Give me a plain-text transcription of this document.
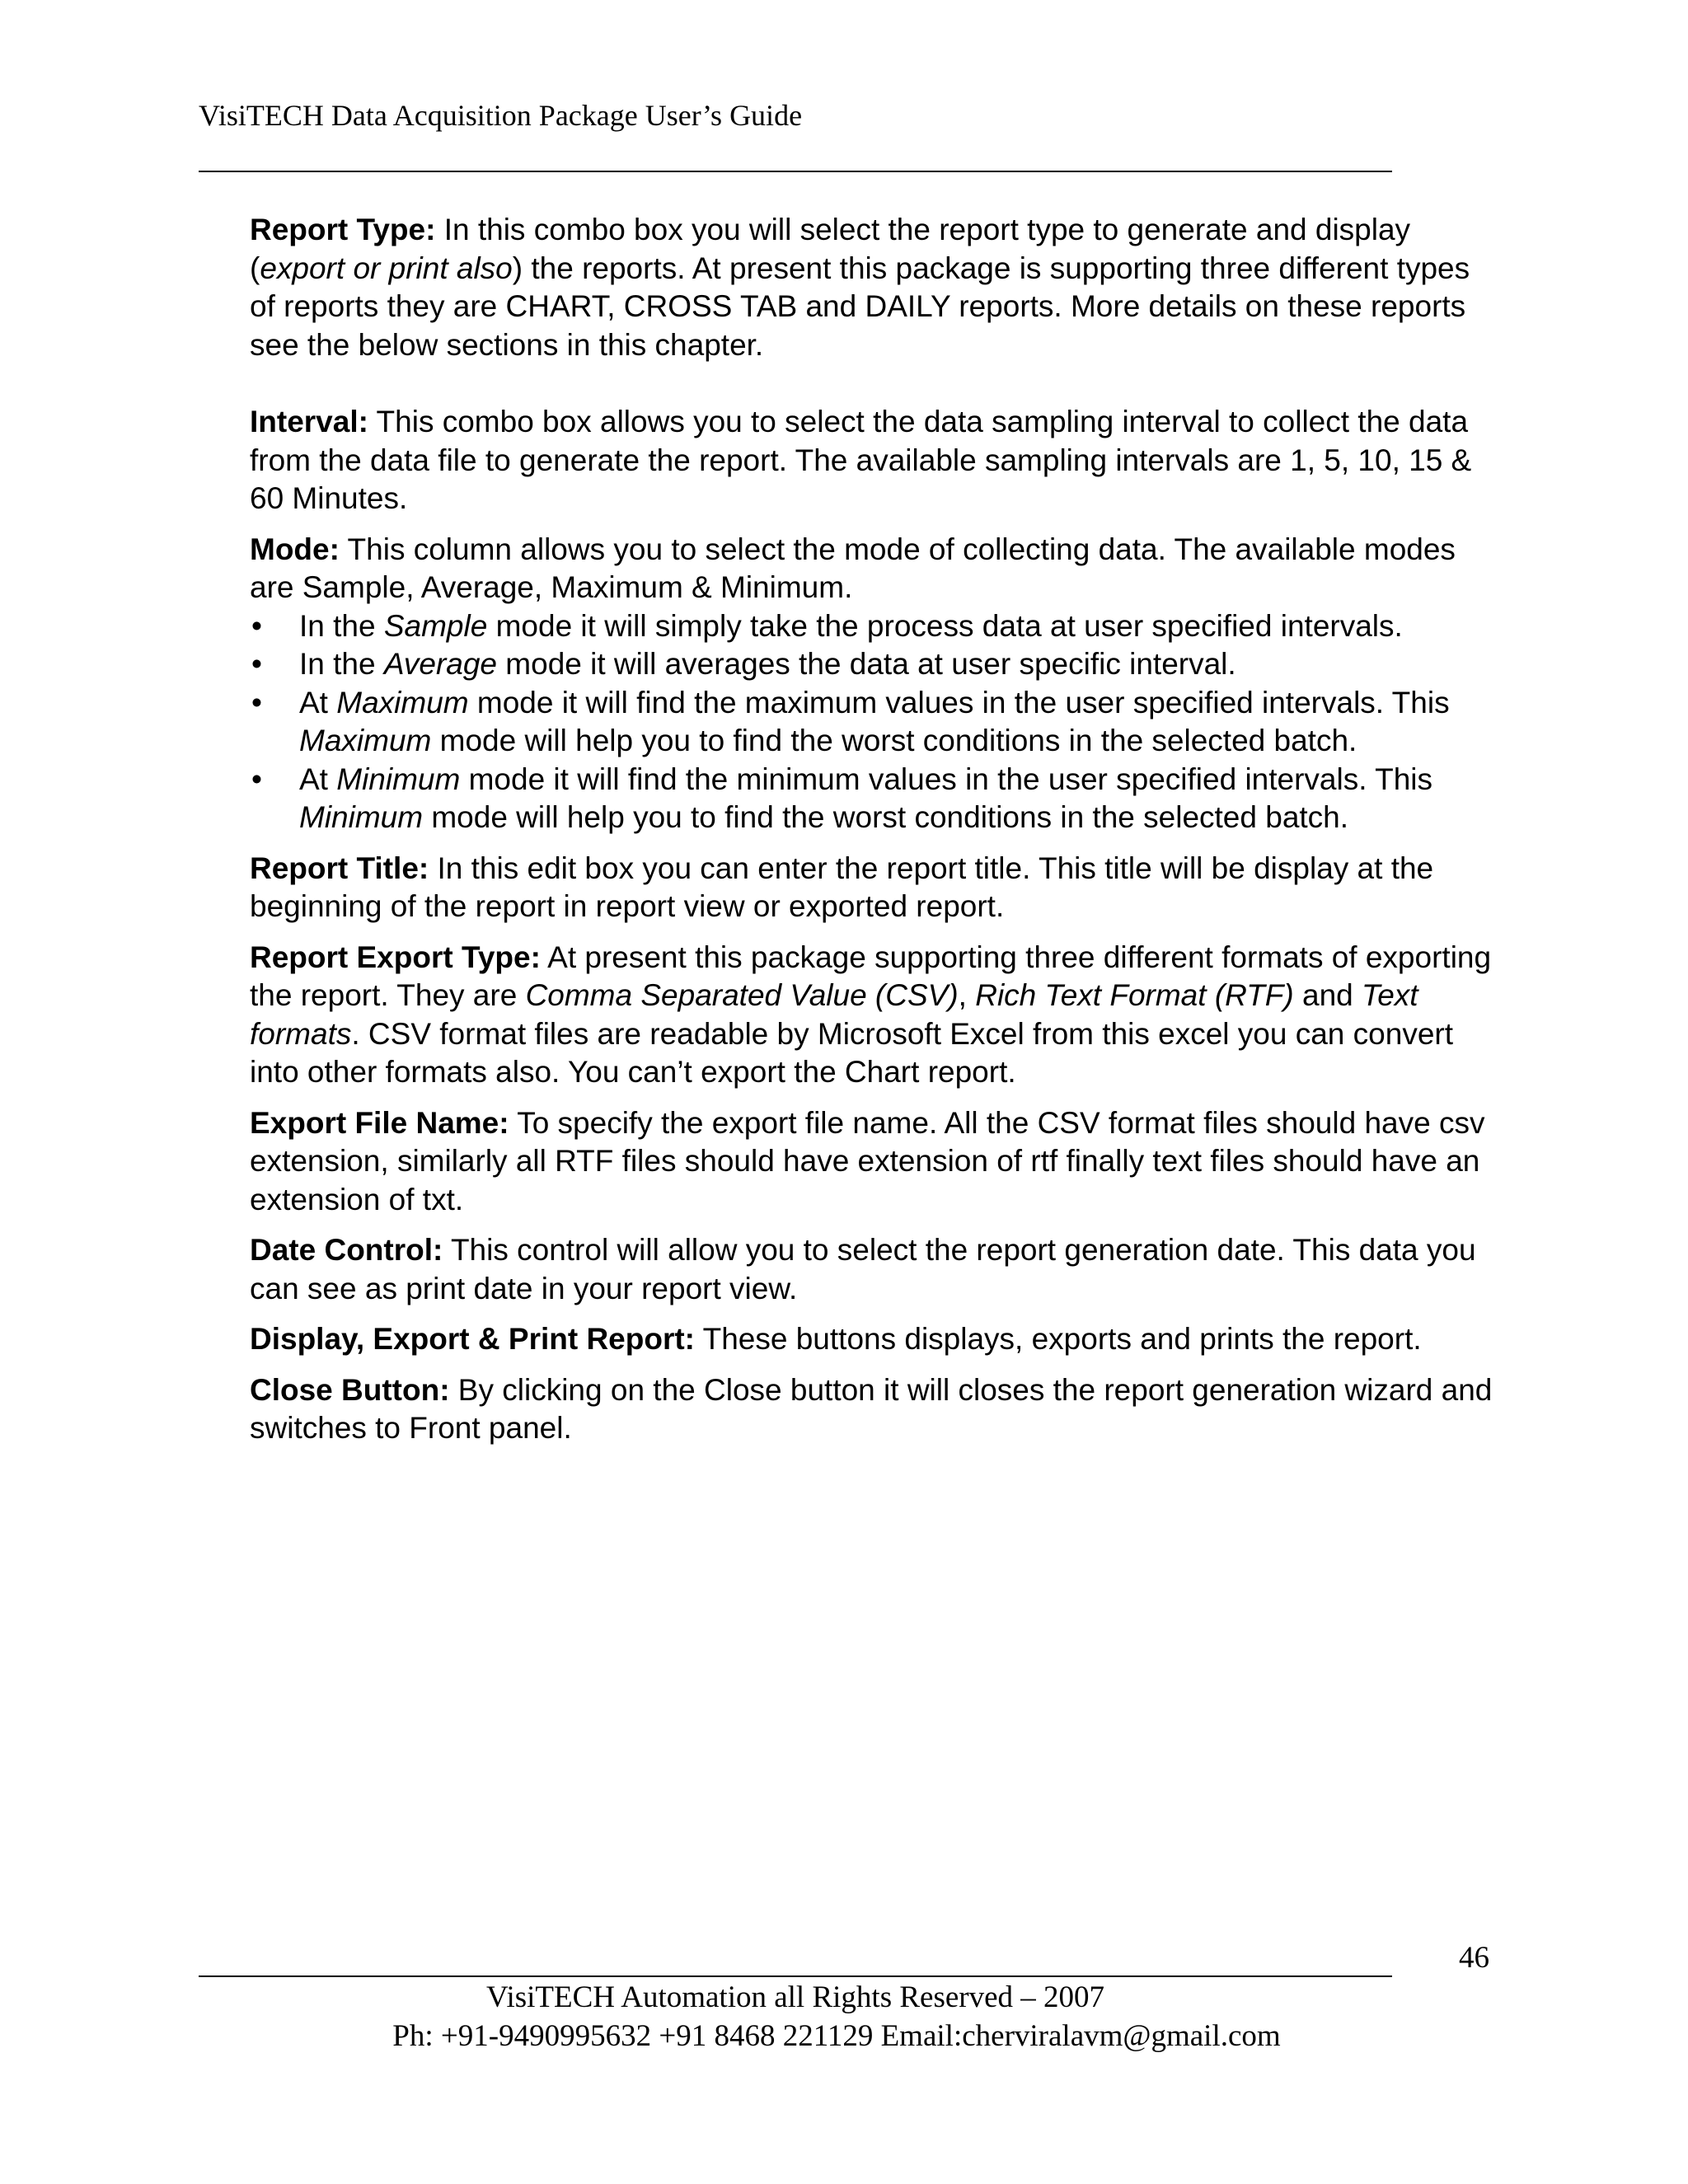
VisiTECH Data Acquisition Package User’s Guide

Report Type: In this combo box you will select the report type to generate and display (export or print also) the reports. At present this package is supporting three different types of reports they are CHART, CROSS TAB and DAILY reports. More details on these reports see the below sections in this chapter.

Interval: This combo box allows you to select the data sampling interval to collect the data from the data file to generate the report. The available sampling intervals are 1, 5, 10, 15 & 60 Minutes.

Mode: This column allows you to select the mode of collecting data. The available modes are Sample, Average, Maximum & Minimum.

• In the Sample mode it will simply take the process data at user specified intervals.
• In the Average mode it will averages the data at user specific interval.
• At Maximum mode it will find the maximum values in the user specified intervals. This Maximum mode will help you to find the worst conditions in the selected batch.
• At Minimum mode it will find the minimum values in the user specified intervals. This Minimum mode will help you to find the worst conditions in the selected batch.

Report Title: In this edit box you can enter the report title. This title will be display at the beginning of the report in report view or exported report.

Report Export Type: At present this package supporting three different formats of exporting the report. They are Comma Separated Value (CSV), Rich Text Format (RTF) and Text formats. CSV format files are readable by Microsoft Excel from this excel you can convert into other formats also. You can’t export the Chart report.

Export File Name: To specify the export file name. All the CSV format files should have csv extension, similarly all RTF files should have extension of rtf finally text files should have an extension of txt.

Date Control: This control will allow you to select the report generation date. This data you can see as print date in your report view.

Display, Export & Print Report: These buttons displays, exports and prints the report.

Close Button: By clicking on the Close button it will closes the report generation wizard and switches to Front panel.

46
VisiTECH Automation all Rights Reserved – 2007
Ph: +91-9490995632 +91 8468 221129 Email:cherviralavm@gmail.com
